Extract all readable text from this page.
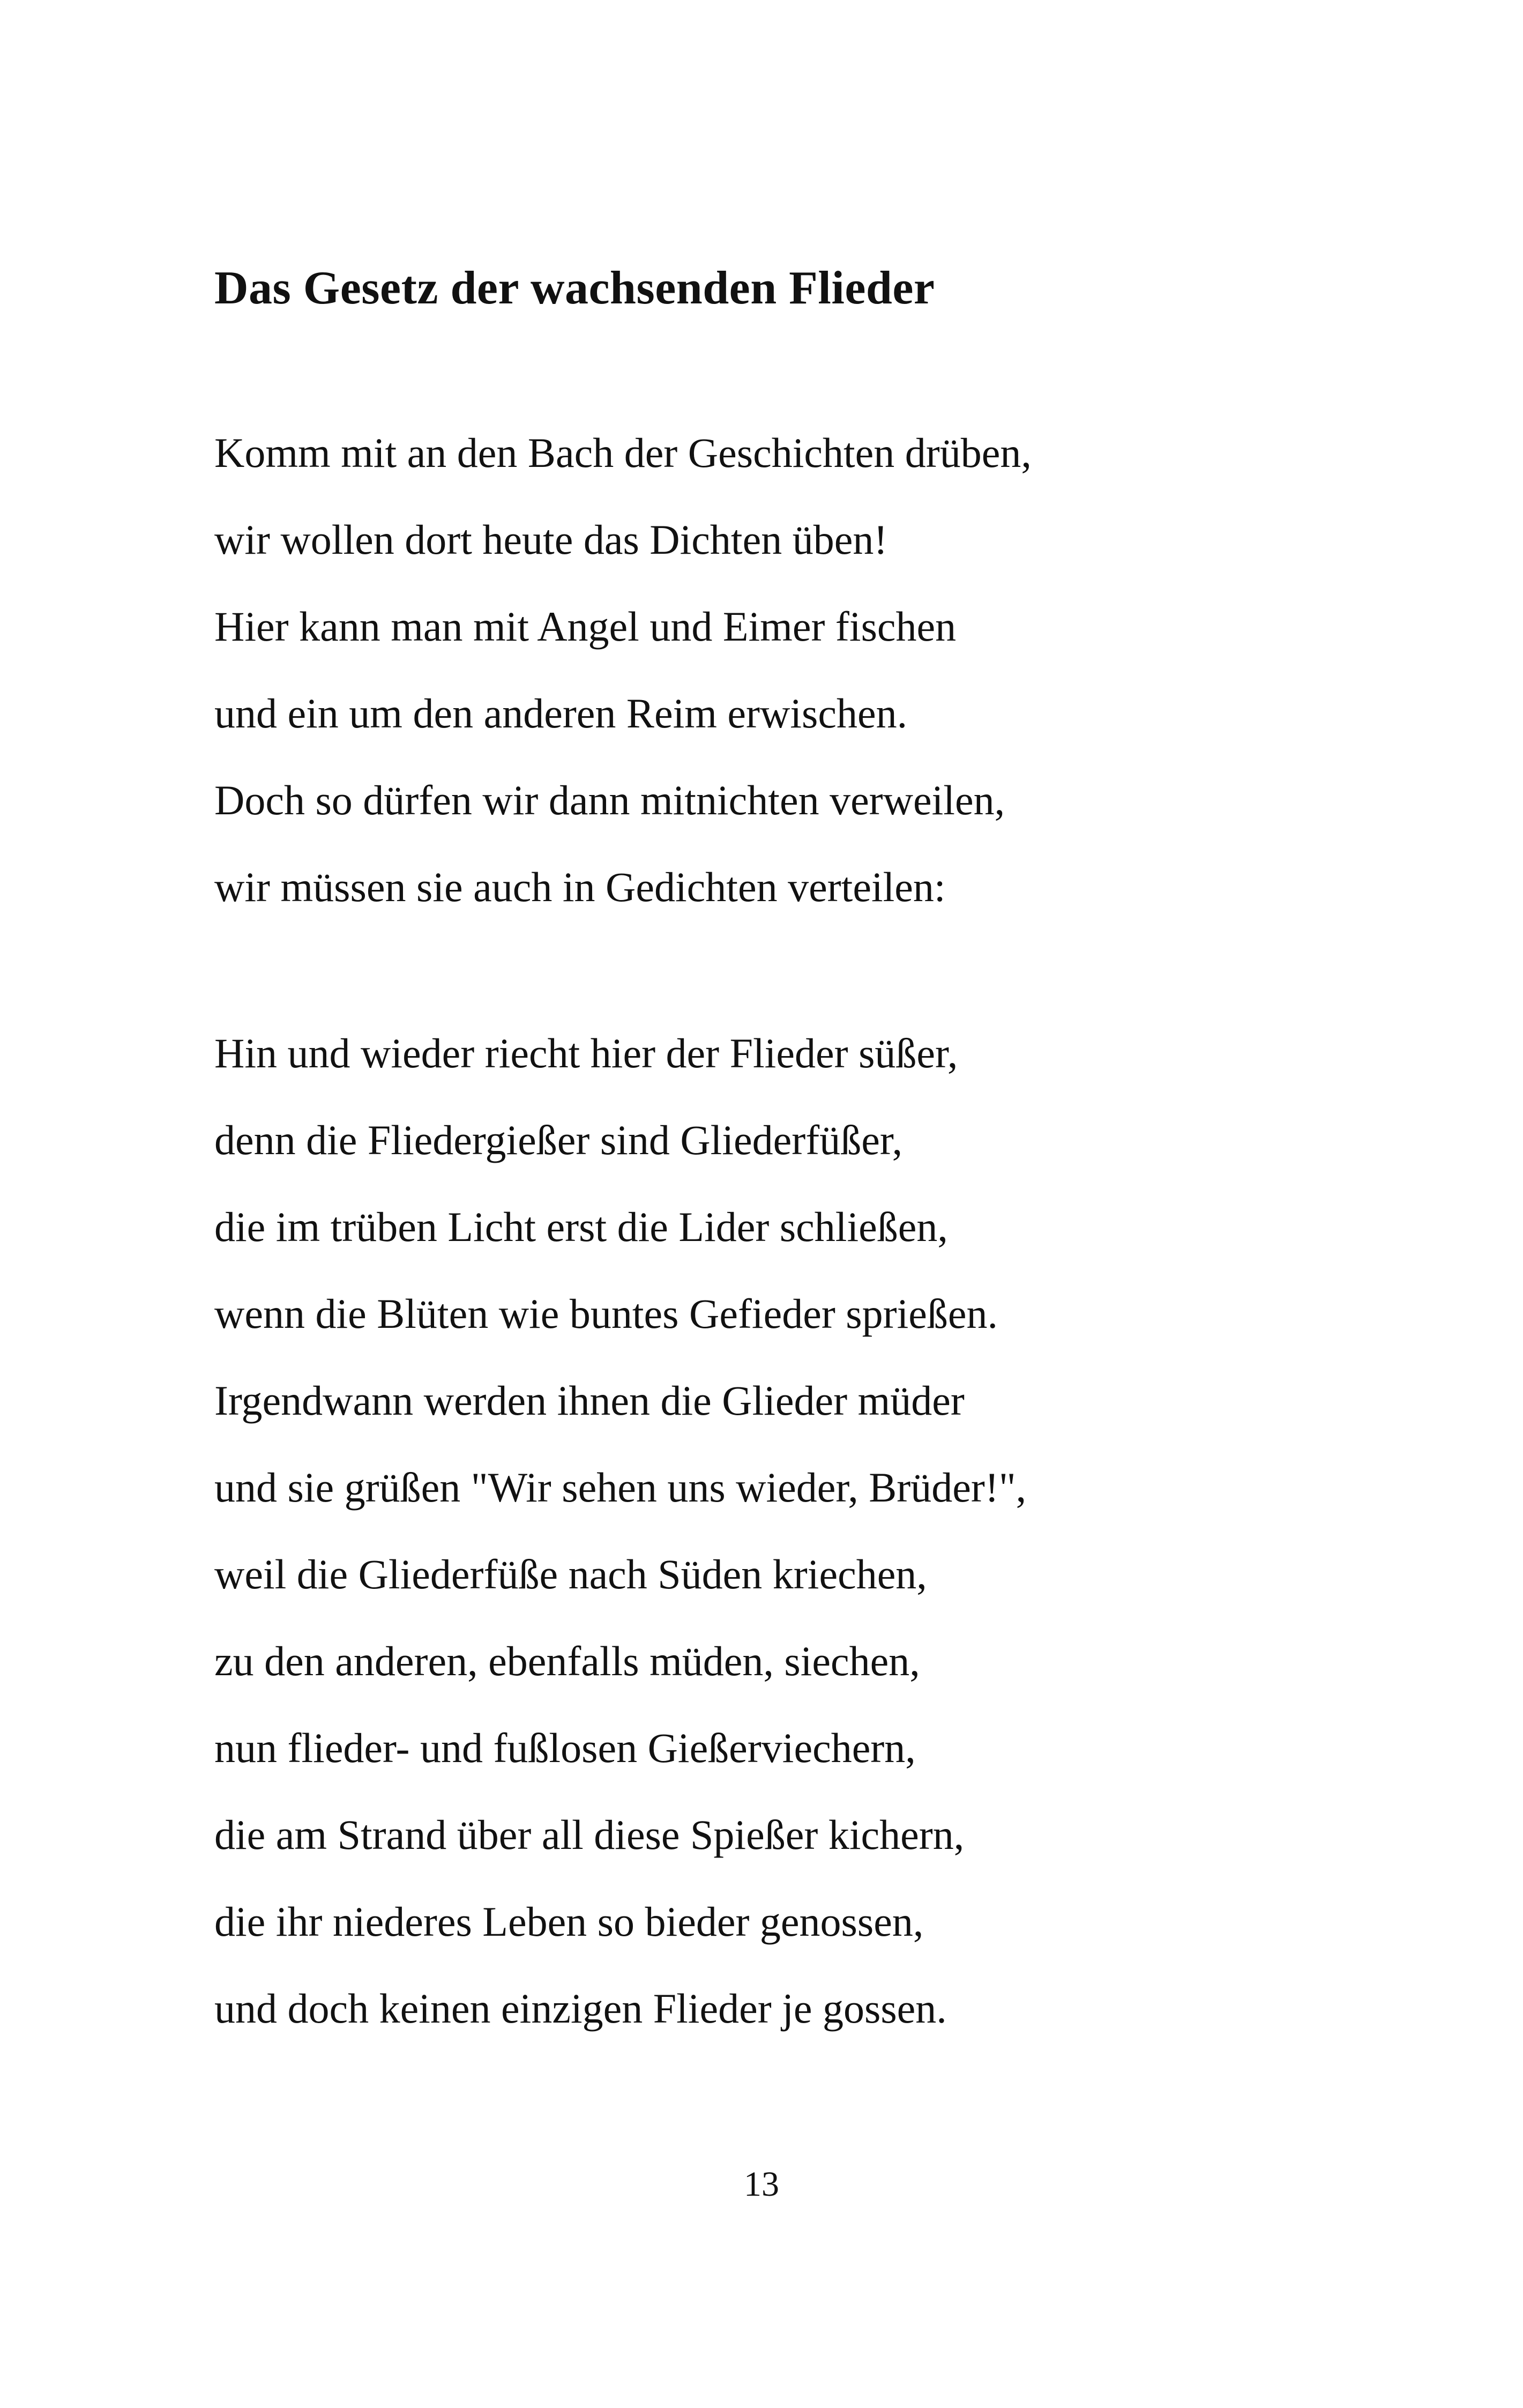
Das Gesetz der wachsenden Flieder
Komm mit an den Bach der Geschichten drüben,
wir wollen dort heute das Dichten üben!
Hier kann man mit Angel und Eimer fischen
und ein um den anderen Reim erwischen.
Doch so dürfen wir dann mitnichten verweilen,
wir müssen sie auch in Gedichten verteilen:
Hin und wieder riecht hier der Flieder süßer,
denn die Fliedergießer sind Gliederfüßer,
die im trüben Licht erst die Lider schließen,
wenn die Blüten wie buntes Gefieder sprießen.
Irgendwann werden ihnen die Glieder müder
und sie grüßen "Wir sehen uns wieder, Brüder!",
weil die Gliederfüße nach Süden kriechen,
zu den anderen, ebenfalls müden, siechen,
nun flieder- und fußlosen Gießerviechern,
die am Strand über all diese Spießer kichern,
die ihr niederes Leben so bieder genossen,
und doch keinen einzigen Flieder je gossen.
13
